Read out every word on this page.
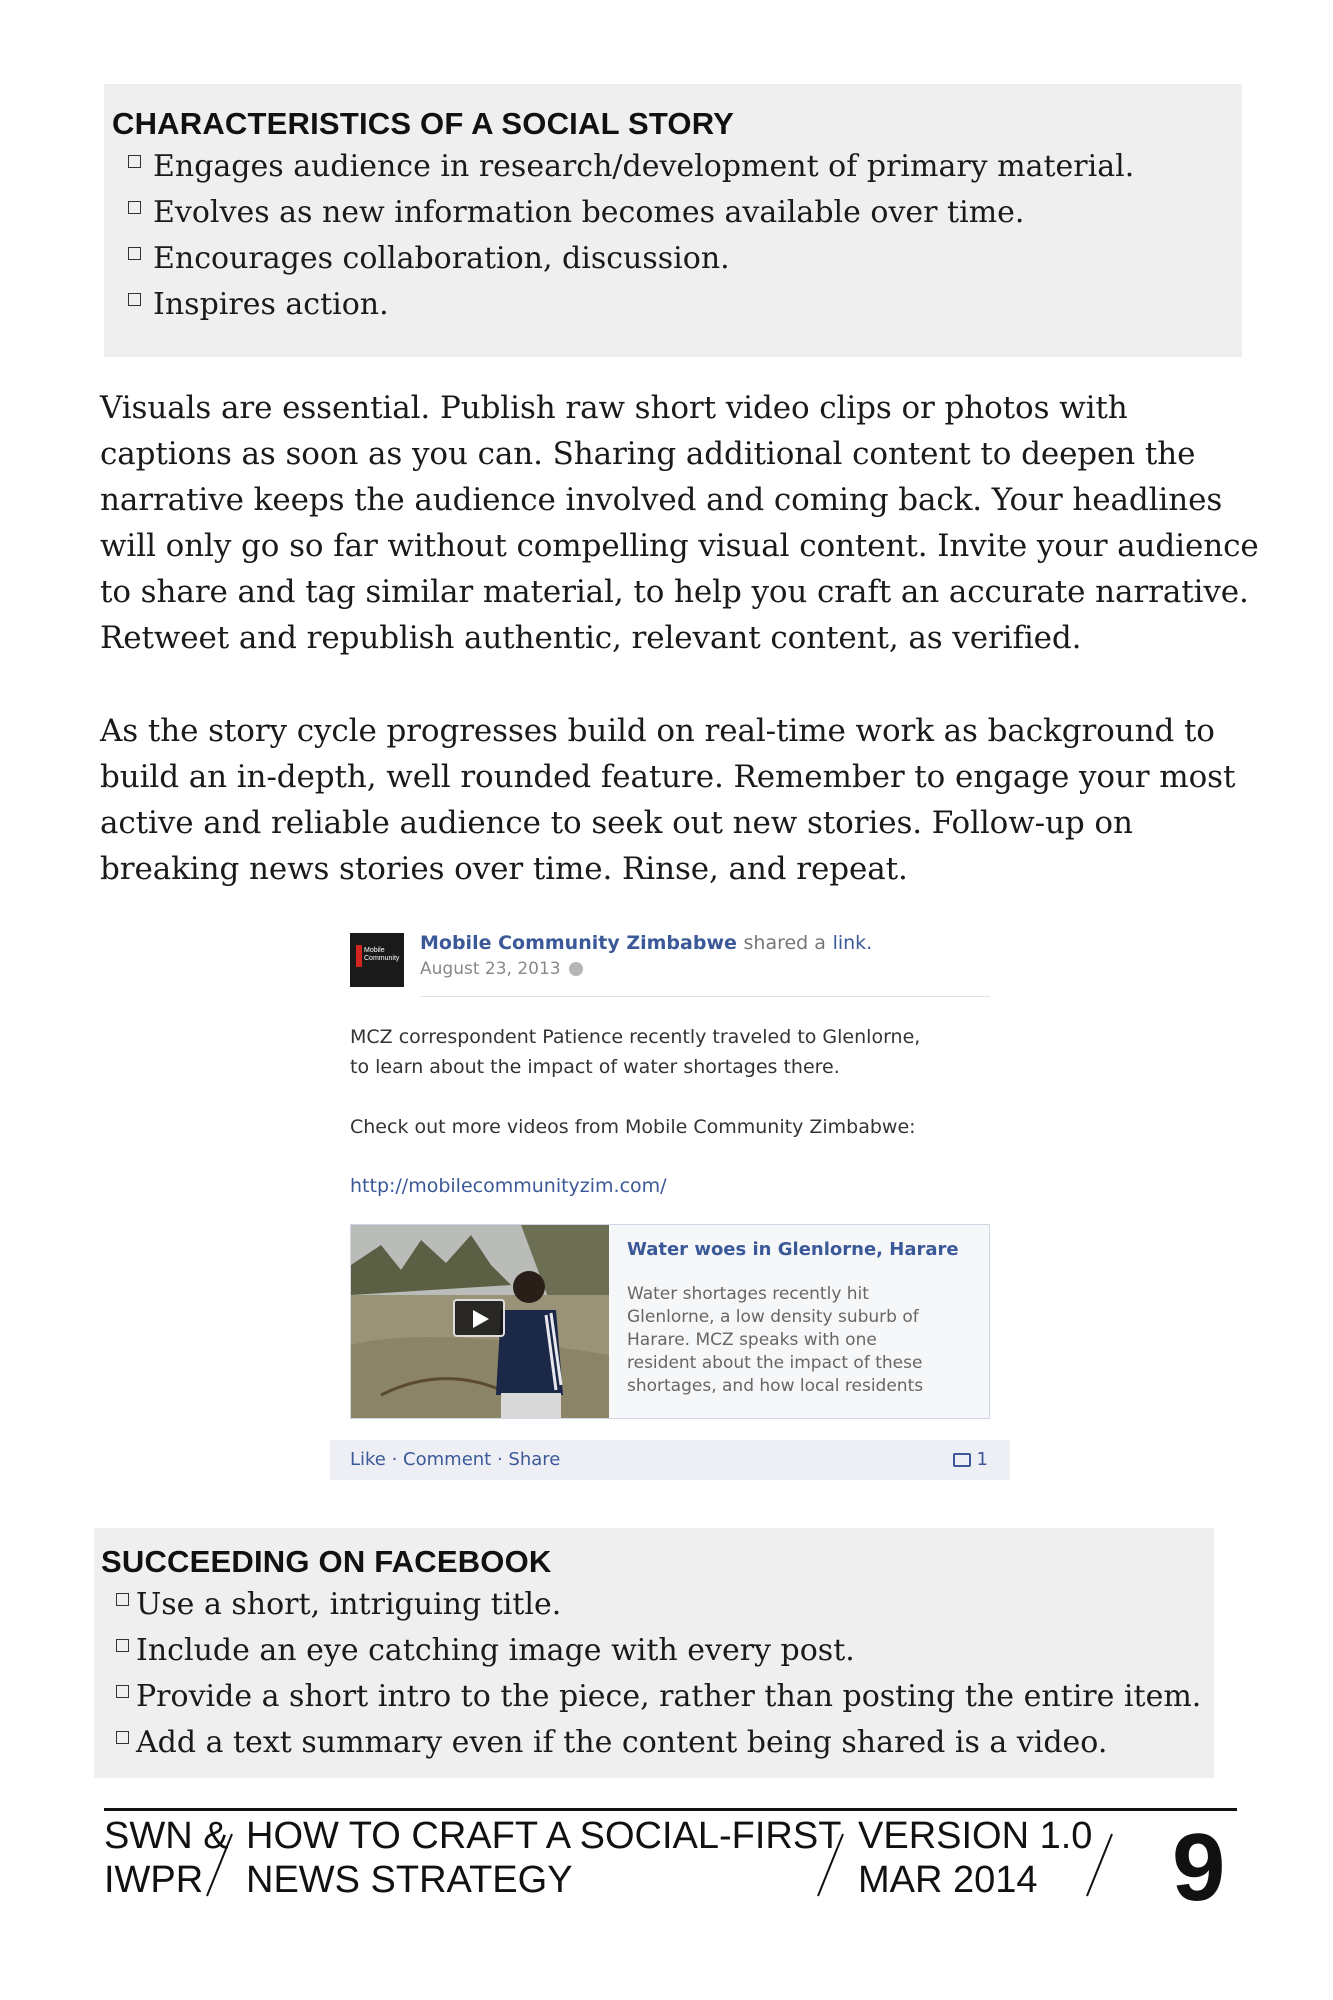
CHARACTERISTICS OF A SOCIAL STORY
Engages audience in research/development of primary material.
Evolves as new information becomes available over time.
Encourages collaboration, discussion.
Inspires action.

Visuals are essential. Publish raw short video clips or photos with captions as soon as you can. Sharing additional content to deepen the narrative keeps the audience involved and coming back. Your headlines will only go so far without compelling visual content. Invite your audience to share and tag similar material, to help you craft an accurate narrative. Retweet and republish authentic, relevant content, as verified.

As the story cycle progresses build on real-time work as background to build an in-depth, well rounded feature. Remember to engage your most active and reliable audience to seek out new stories. Follow-up on breaking news stories over time. Rinse, and repeat.

Mobile Community
Mobile Community Zimbabwe shared a link.
August 23, 2013
MCZ correspondent Patience recently traveled to Glenlorne,
to learn about the impact of water shortages there.
Check out more videos from Mobile Community Zimbabwe:
http://mobilecommunityzim.com/
Water woes in Glenlorne, Harare
Water shortages recently hit
Glenlorne, a low density suburb of
Harare. MCZ speaks with one
resident about the impact of these
shortages, and how local residents
Like · Comment · Share	1
SUCCEEDING ON FACEBOOK
Use a short, intriguing title.
Include an eye catching image with every post.
Provide a short intro to the piece, rather than posting the entire item.
Add a text summary even if the content being shared is a video.
SWN &
IWPR
HOW TO CRAFT A SOCIAL-FIRST
NEWS STRATEGY
VERSION 1.0
MAR 2014 9
